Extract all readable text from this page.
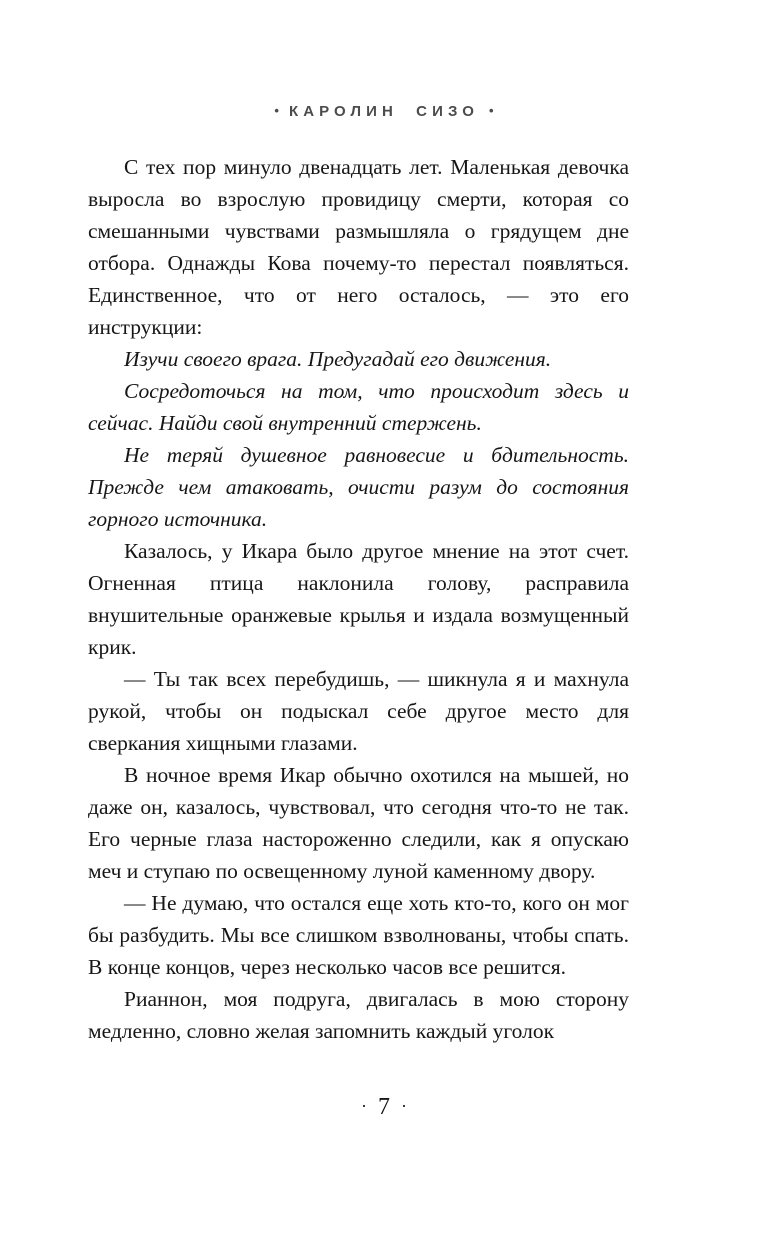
• КАРОЛИН СИЗО •

С тех пор минуло двенадцать лет. Маленькая девочка выросла во взрослую провидицу смерти, которая со смешанными чувствами размышляла о грядущем дне отбора. Однажды Кова почему-то перестал появляться. Единственное, что от него осталось, — это его инструкции:

Изучи своего врага. Предугадай его движения.

Сосредоточься на том, что происходит здесь и сейчас. Найди свой внутренний стержень.

Не теряй душевное равновесие и бдительность. Прежде чем атаковать, очисти разум до состояния горного источника.

Казалось, у Икара было другое мнение на этот счет. Огненная птица наклонила голову, расправила внушительные оранжевые крылья и издала возмущенный крик.

— Ты так всех перебудишь, — шикнула я и махнула рукой, чтобы он подыскал себе другое место для сверкания хищными глазами.

В ночное время Икар обычно охотился на мышей, но даже он, казалось, чувствовал, что сегодня что-то не так. Его черные глаза настороженно следили, как я опускаю меч и ступаю по освещенному луной каменному двору.

— Не думаю, что остался еще хоть кто-то, кого он мог бы разбудить. Мы все слишком взволнованы, чтобы спать. В конце концов, через несколько часов все решится.

Рианнон, моя подруга, двигалась в мою сторону медленно, словно желая запомнить каждый уголок

· 7 ·
